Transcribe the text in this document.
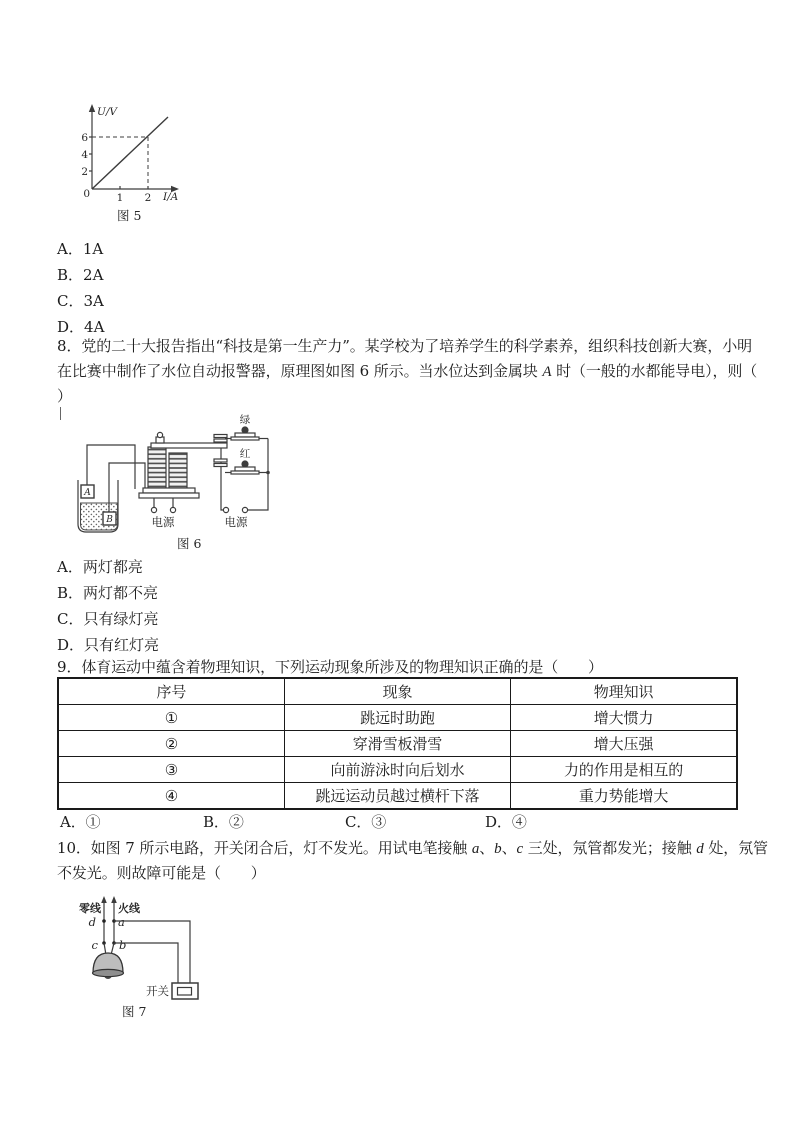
U/V
I/A
6
4
2
0	1 2
图 5
A．1A
B．2A
C．3A
D．4A
8．党的二十大报告指出“科技是第一生产力”。某学校为了培养学生的科学素养，组织科技创新大赛，小明
在比赛中制作了水位自动报警器，原理图如图 6 所示。当水位达到金属块 A 时（一般的水都能导电），则（
）
A
B
绿
红
电源	电源
图 6
A．两灯都亮
B．两灯都不亮
C．只有绿灯亮
D．只有红灯亮
9．体育运动中蕴含着物理知识，下列运动现象所涉及的物理知识正确的是（　　）
序号	现象	物理知识
①	跳远时助跑	增大惯力
②	穿滑雪板滑雪	增大压强
③	向前游泳时向后划水	力的作用是相互的
④	跳远运动员越过横杆下落	重力势能增大
A．①	B．②	C．③	D．④
10．如图 7 所示电路，开关闭合后，灯不发光。用试电笔接触 a、b、c 三处，氖管都发光；接触 d 处，氖管
不发光。则故障可能是（　　）
零线 火线
d a
c b
开关
图 7
